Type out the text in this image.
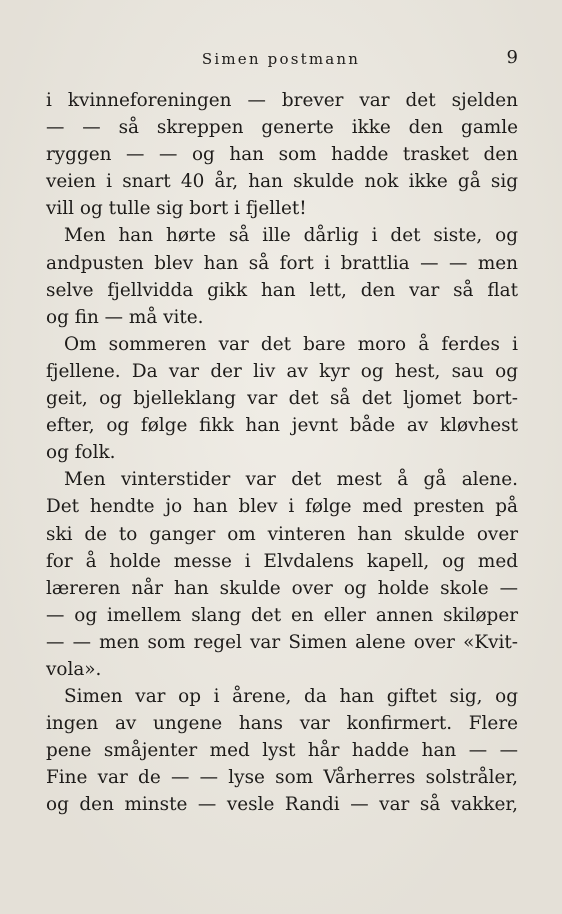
Simen postmann	9
i kvinneforeningen — brever var det sjelden
— — så skreppen generte ikke den gamle
ryggen — — og han som hadde trasket den
veien i snart 40 år, han skulde nok ikke gå sig
vill og tulle sig bort i fjellet!
Men han hørte så ille dårlig i det siste, og
andpusten blev han så fort i brattlia — — men
selve fjellvidda gikk han lett, den var så flat
og fin — må vite.
Om sommeren var det bare moro å ferdes i
fjellene. Da var der liv av kyr og hest, sau og
geit, og bjelleklang var det så det ljomet bort-
efter, og følge fikk han jevnt både av kløvhest
og folk.
Men vinterstider var det mest å gå alene.
Det hendte jo han blev i følge med presten på
ski de to ganger om vinteren han skulde over
for å holde messe i Elvdalens kapell, og med
læreren når han skulde over og holde skole —
— og imellem slang det en eller annen skiløper
— — men som regel var Simen alene over «Kvit-
vola».
Simen var op i årene, da han giftet sig, og
ingen av ungene hans var konfirmert. Flere
pene småjenter med lyst hår hadde han — —
Fine var de — — lyse som Vårherres solstråler,
og den minste — vesle Randi — var så vakker,
